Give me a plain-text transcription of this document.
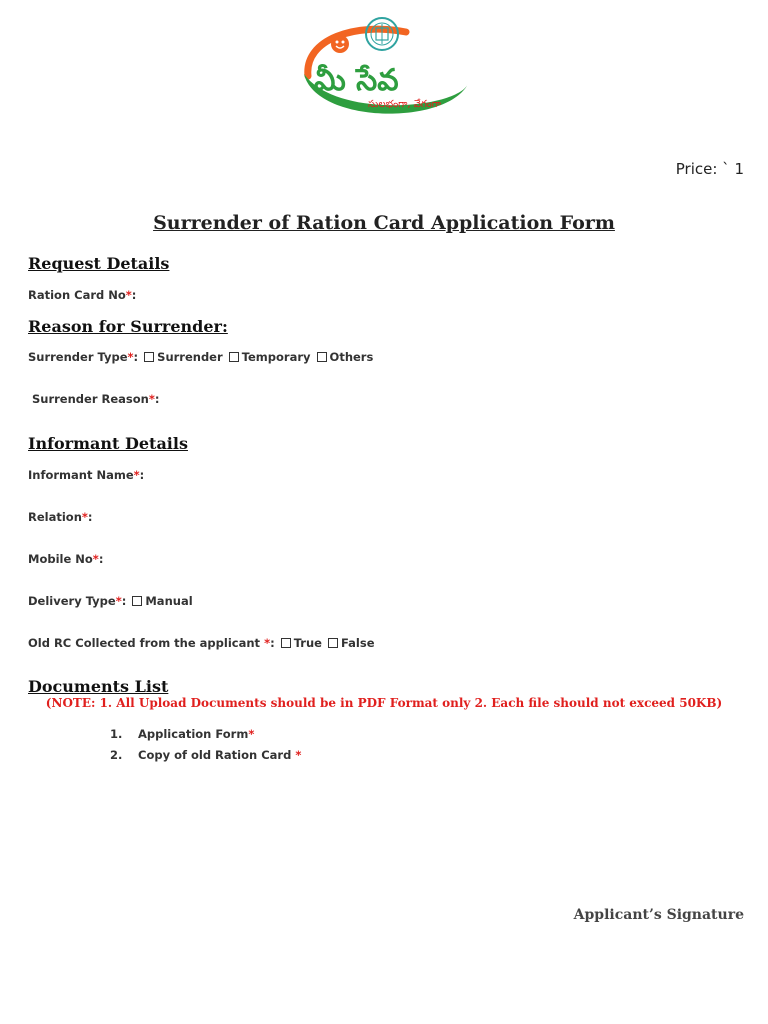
మీ సేవ
సులభంగా, వేగంగా
Price: ` 1
Surrender of Ration Card Application Form
Request Details
Ration Card No*:
Reason for Surrender:
Surrender Type*: Surrender Temporary Others
Surrender Reason*:
Informant Details
Informant Name*:
Relation*:
Mobile No*:
Delivery Type*: Manual
Old RC Collected from the applicant *: True False
Documents List
(NOTE: 1. All Upload Documents should be in PDF Format only 2. Each file should not exceed 50KB)
1. Application Form*
2. Copy of old Ration Card *
Applicant’s Signature
